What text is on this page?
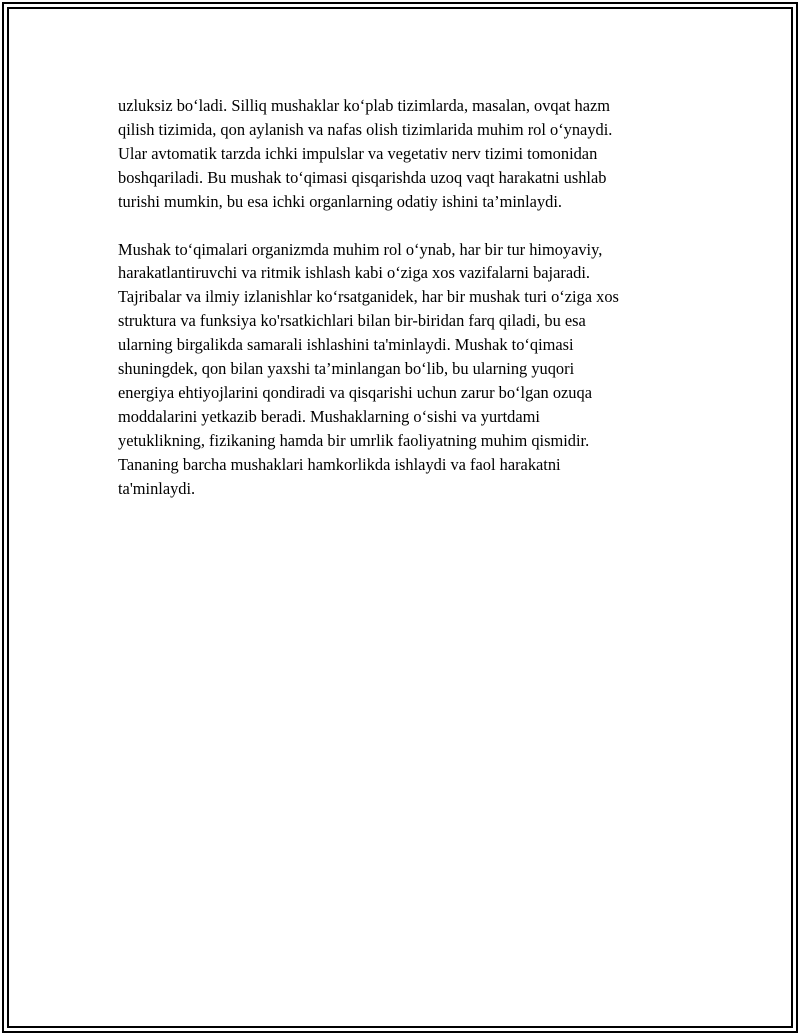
uzluksiz bo‘ladi. Silliq mushaklar ko‘plab tizimlarda, masalan, ovqat hazm
qilish tizimida, qon aylanish va nafas olish tizimlarida muhim rol o‘ynaydi.
Ular avtomatik tarzda ichki impulslar va vegetativ nerv tizimi tomonidan
boshqariladi. Bu mushak to‘qimasi qisqarishda uzoq vaqt harakatni ushlab
turishi mumkin, bu esa ichki organlarning odatiy ishini ta’minlaydi.

Mushak to‘qimalari organizmda muhim rol o‘ynab, har bir tur himoyaviy,
harakatlantiruvchi va ritmik ishlash kabi o‘ziga xos vazifalarni bajaradi.
Tajribalar va ilmiy izlanishlar ko‘rsatganidek, har bir mushak turi o‘ziga xos
struktura va funksiya ko'rsatkichlari bilan bir-biridan farq qiladi, bu esa
ularning birgalikda samarali ishlashini ta'minlaydi. Mushak to‘qimasi
shuningdek, qon bilan yaxshi ta’minlangan bo‘lib, bu ularning yuqori
energiya ehtiyojlarini qondiradi va qisqarishi uchun zarur bo‘lgan ozuqa
moddalarini yetkazib beradi. Mushaklarning o‘sishi va yurtdami
yetuklikning, fizikaning hamda bir umrlik faoliyatning muhim qismidir.
Tananing barcha mushaklari hamkorlikda ishlaydi va faol harakatni
ta'minlaydi.
